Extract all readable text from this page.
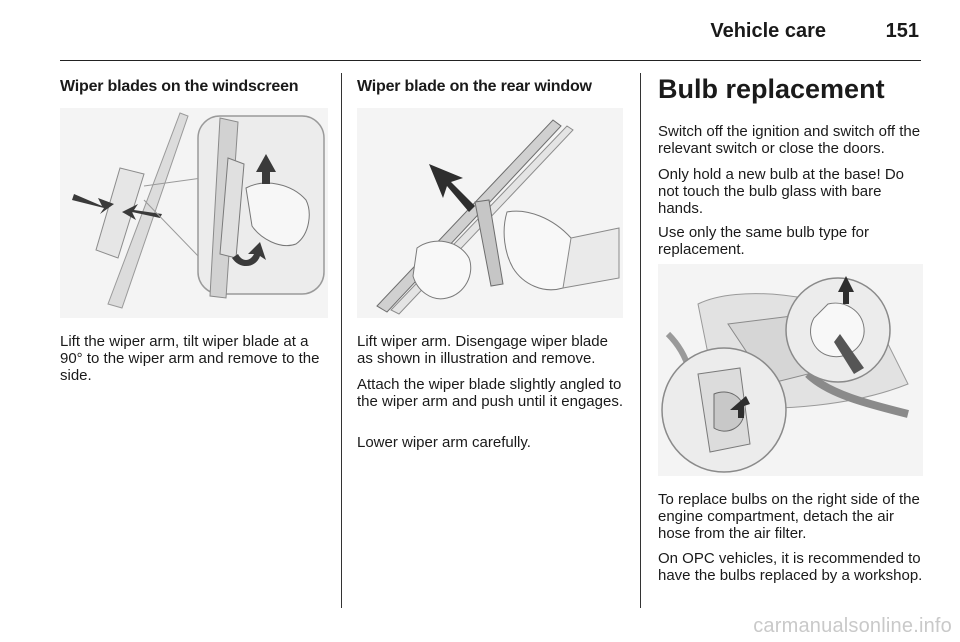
Vehicle care	151
Wiper blades on the windscreen

Lift the wiper arm, tilt wiper blade at a 90° to the wiper arm and remove to the side.

Wiper blade on the rear window

Lift wiper arm. Disengage wiper blade as shown in illustration and remove.

Attach the wiper blade slightly angled to the wiper arm and push until it engages.

Lower wiper arm carefully.

Bulb replacement

Switch off the ignition and switch off the relevant switch or close the doors.

Only hold a new bulb at the base! Do not touch the bulb glass with bare hands.

Use only the same bulb type for replacement.

To replace bulbs on the right side of the engine compartment, detach the air hose from the air filter.

On OPC vehicles, it is recommended to have the bulbs replaced by a workshop.

carmanualsonline.info
